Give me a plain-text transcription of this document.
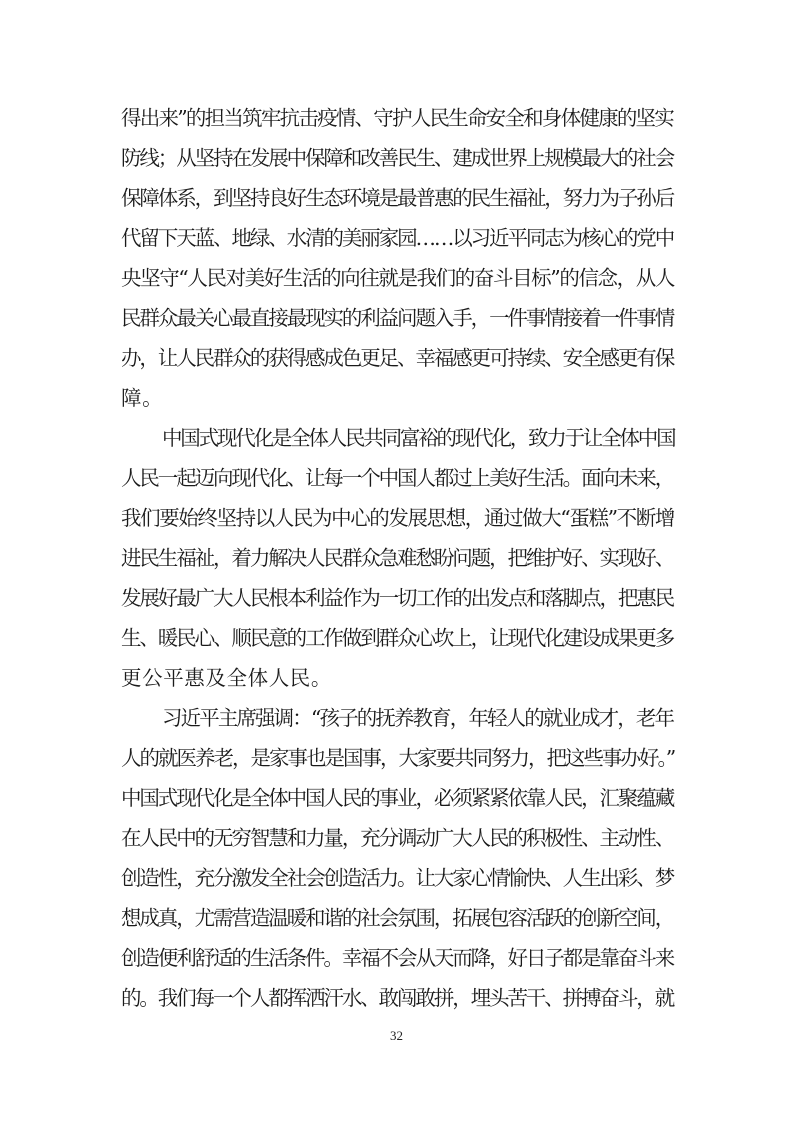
得出来”的担当筑牢抗击疫情、守护人民生命安全和身体健康的坚实
防线；从坚持在发展中保障和改善民生、建成世界上规模最大的社会
保障体系，到坚持良好生态环境是最普惠的民生福祉，努力为子孙后
代留下天蓝、地绿、水清的美丽家园……以习近平同志为核心的党中
央坚守“人民对美好生活的向往就是我们的奋斗目标”的信念，从人
民群众最关心最直接最现实的利益问题入手，一件事情接着一件事情
办，让人民群众的获得感成色更足、幸福感更可持续、安全感更有保
障。
中国式现代化是全体人民共同富裕的现代化，致力于让全体中国
人民一起迈向现代化、让每一个中国人都过上美好生活。面向未来，
我们要始终坚持以人民为中心的发展思想，通过做大“蛋糕”不断增
进民生福祉，着力解决人民群众急难愁盼问题，把维护好、实现好、
发展好最广大人民根本利益作为一切工作的出发点和落脚点，把惠民
生、暖民心、顺民意的工作做到群众心坎上，让现代化建设成果更多
更公平惠及全体人民。
习近平主席强调：“孩子的抚养教育，年轻人的就业成才，老年
人的就医养老，是家事也是国事，大家要共同努力，把这些事办好。”
中国式现代化是全体中国人民的事业，必须紧紧依靠人民，汇聚蕴藏
在人民中的无穷智慧和力量，充分调动广大人民的积极性、主动性、
创造性，充分激发全社会创造活力。让大家心情愉快、人生出彩、梦
想成真，尤需营造温暖和谐的社会氛围，拓展包容活跃的创新空间，
创造便利舒适的生活条件。幸福不会从天而降，好日子都是靠奋斗来
的。我们每一个人都挥洒汗水、敢闯敢拼，埋头苦干、拼搏奋斗，就
32
